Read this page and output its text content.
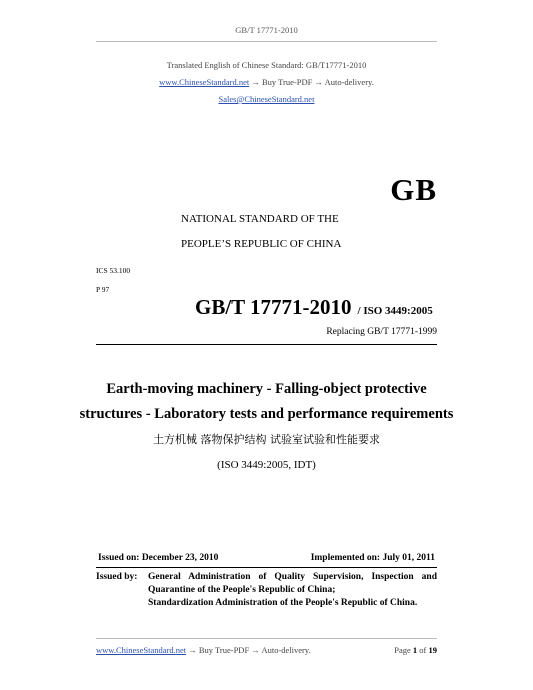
GB/T 17771-2010
Translated English of Chinese Standard: GB/T17771-2010
www.ChineseStandard.net → Buy True-PDF → Auto-delivery.
Sales@ChineseStandard.net
GB
NATIONAL STANDARD OF THE
PEOPLE’S REPUBLIC OF CHINA
ICS 53.100
P 97
GB/T 17771-2010 / ISO 3449:2005
Replacing GB/T 17771-1999
Earth-moving machinery - Falling-object protective
structures - Laboratory tests and performance requirements
土方机械 落物保护结构 试验室试验和性能要求
(ISO 3449:2005, IDT)
Issued on: December 23, 2010	Implemented on: July 01, 2011
Issued by:	General Administration of Quality Supervision, Inspection and Quarantine of the People's Republic of China;

Standardization Administration of the People's Republic of China.

www.ChineseStandard.net → Buy True-PDF → Auto-delivery.	Page 1 of 19
